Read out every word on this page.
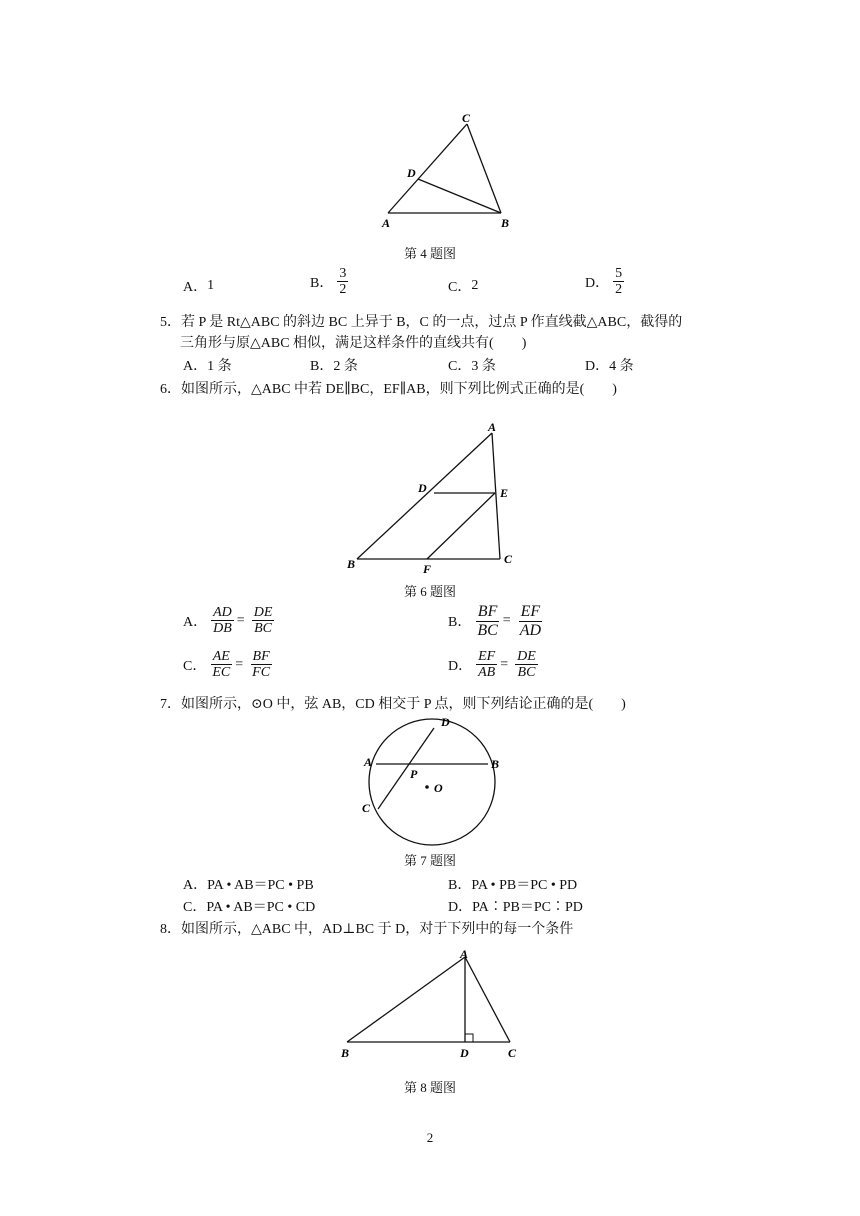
C
D
A	B
第 4 题图
A． 1	B． $\frac{3}{2}$	C． 2	D． $\frac{5}{2}$
5．若 P 是 Rt△ABC 的斜边 BC 上异于 B，C 的一点，过点 P 作直线截△ABC，截得的
三角形与原△ABC 相似，满足这样条件的直线共有(　　)
A．1 条	B．2 条	C．3 条	D．4 条
6．如图所示，△ABC 中若 DE∥BC，EF∥AB，则下列比例式正确的是(　　)
A
D	E
B	F
C
第 6 题图
A． $\frac{AD}{DB} = \frac{DE}{BC}$	B． $\frac{BF}{BC} = \frac{EF}{AD}$
C． $\frac{AE}{EC} = \frac{BF}{FC}$	D． $\frac{EF}{AB} = \frac{DE}{BC}$
7．如图所示，⊙O 中，弦 AB，CD 相交于 P 点，则下列结论正确的是(　　)
D
A	B
P
O
C
第 7 题图
A．PA • AB＝PC • PB	B．PA • PB＝PC • PD
C．PA • AB＝PC • CD	D．PA∶PB＝PC∶PD
8．如图所示，△ABC 中，AD⊥BC 于 D，对于下列中的每一个条件
A
B	D	C
第 8 题图
2
